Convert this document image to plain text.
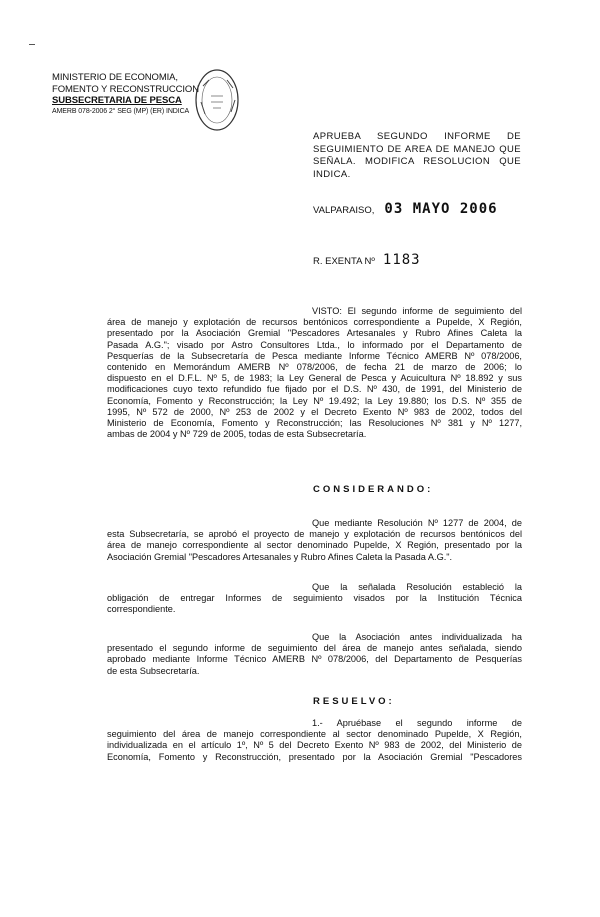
MINISTERIO DE ECONOMIA,
FOMENTO Y RECONSTRUCCION
SUBSECRETARIA DE PESCA
AMERB 078-2006 2° SEG (MP) (ER) INDICA
APRUEBA SEGUNDO INFORME DE
SEGUIMIENTO DE AREA DE MANEJO QUE
SEÑALA. MODIFICA RESOLUCION QUE
INDICA.
VALPARAISO, 03 MAYO 2006
R. EXENTA Nº 1183
VISTO: El segundo informe de seguimiento del
área de manejo y explotación de recursos bentónicos correspondiente a Pupelde, X Región,
presentado por la Asociación Gremial "Pescadores Artesanales y Rubro Afines Caleta la
Pasada A.G."; visado por Astro Consultores Ltda., lo informado por el Departamento de
Pesquerías de la Subsecretaría de Pesca mediante Informe Técnico AMERB Nº 078/2006,
contenido en Memorándum AMERB Nº 078/2006, de fecha 21 de marzo de 2006; lo
dispuesto en el D.F.L. Nº 5, de 1983; la Ley General de Pesca y Acuicultura Nº 18.892 y sus
modificaciones cuyo texto refundido fue fijado por el D.S. Nº 430, de 1991, del Ministerio de
Economía, Fomento y Reconstrucción; la Ley Nº 19.492; la Ley 19.880; los D.S. Nº 355 de
1995, Nº 572 de 2000, Nº 253 de 2002 y el Decreto Exento Nº 983 de 2002, todos del
Ministerio de Economía, Fomento y Reconstrucción; las Resoluciones Nº 381 y Nº 1277,
ambas de 2004 y Nº 729 de 2005, todas de esta Subsecretaría.
CONSIDERANDO:
Que mediante Resolución Nº 1277 de 2004, de
esta Subsecretaría, se aprobó el proyecto de manejo y explotación de recursos bentónicos del
área de manejo correspondiente al sector denominado Pupelde, X Región, presentado por la
Asociación Gremial "Pescadores Artesanales y Rubro Afines Caleta la Pasada A.G.".
Que la señalada Resolución estableció la
obligación de entregar Informes de seguimiento visados por la Institución Técnica
correspondiente.
Que la Asociación antes individualizada ha
presentado el segundo informe de seguimiento del área de manejo antes señalada, siendo
aprobado mediante Informe Técnico AMERB Nº 078/2006, del Departamento de Pesquerías
de esta Subsecretaría.
RESUELVO:
1.- Apruébase el segundo informe de
seguimiento del área de manejo correspondiente al sector denominado Pupelde, X Región,
individualizada en el artículo 1º, Nº 5 del Decreto Exento Nº 983 de 2002, del Ministerio de
Economía, Fomento y Reconstrucción, presentado por la Asociación Gremial "Pescadores
